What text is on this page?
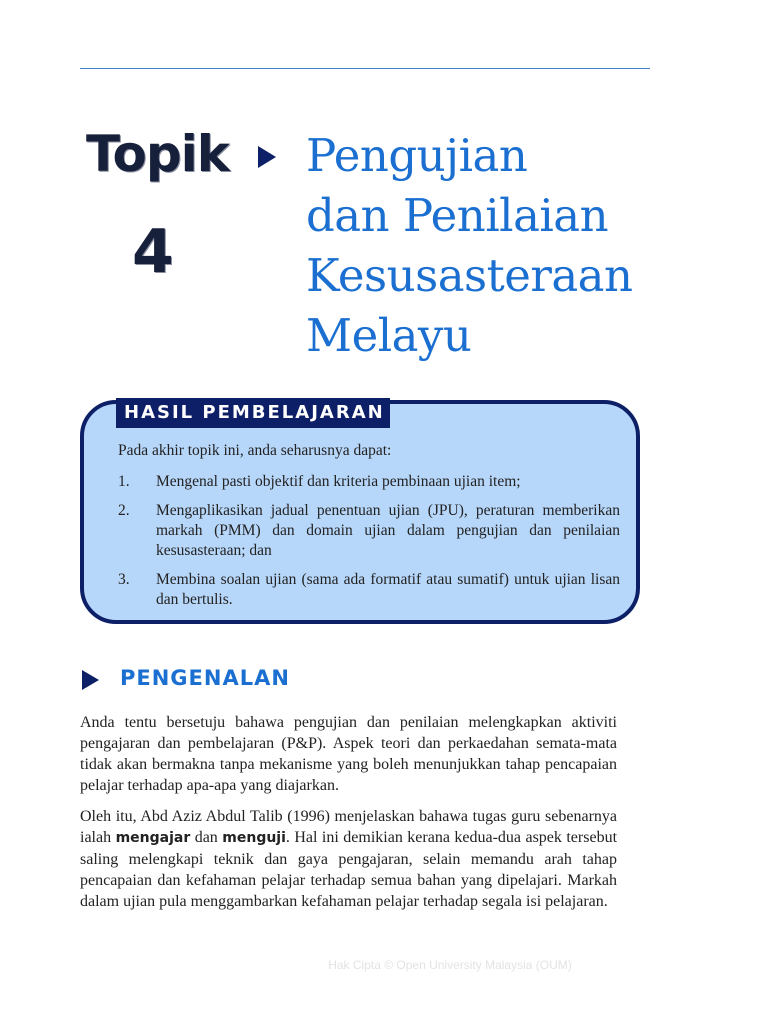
Topik
4
Pengujian
dan Penilaian
Kesusasteraan
Melayu
HASIL PEMBELAJARAN
Pada akhir topik ini, anda seharusnya dapat:
1.	Mengenal pasti objektif dan kriteria pembinaan ujian item;
2.	Mengaplikasikan jadual penentuan ujian (JPU), peraturan memberikan markah (PMM) dan domain ujian dalam pengujian dan penilaian kesusasteraan; dan
3.	Membina soalan ujian (sama ada formatif atau sumatif) untuk ujian lisan dan bertulis.
PENGENALAN

Anda tentu bersetuju bahawa pengujian dan penilaian melengkapkan aktiviti pengajaran dan pembelajaran (P&P). Aspek teori dan perkaedahan semata-mata tidak akan bermakna tanpa mekanisme yang boleh menunjukkan tahap pencapaian pelajar terhadap apa-apa yang diajarkan.

Oleh itu, Abd Aziz Abdul Talib (1996) menjelaskan bahawa tugas guru sebenarnya ialah mengajar dan menguji. Hal ini demikian kerana kedua-dua aspek tersebut saling melengkapi teknik dan gaya pengajaran, selain memandu arah tahap pencapaian dan kefahaman pelajar terhadap semua bahan yang dipelajari. Markah dalam ujian pula menggambarkan kefahaman pelajar terhadap segala isi pelajaran.

Hak Cipta © Open University Malaysia (OUM)
